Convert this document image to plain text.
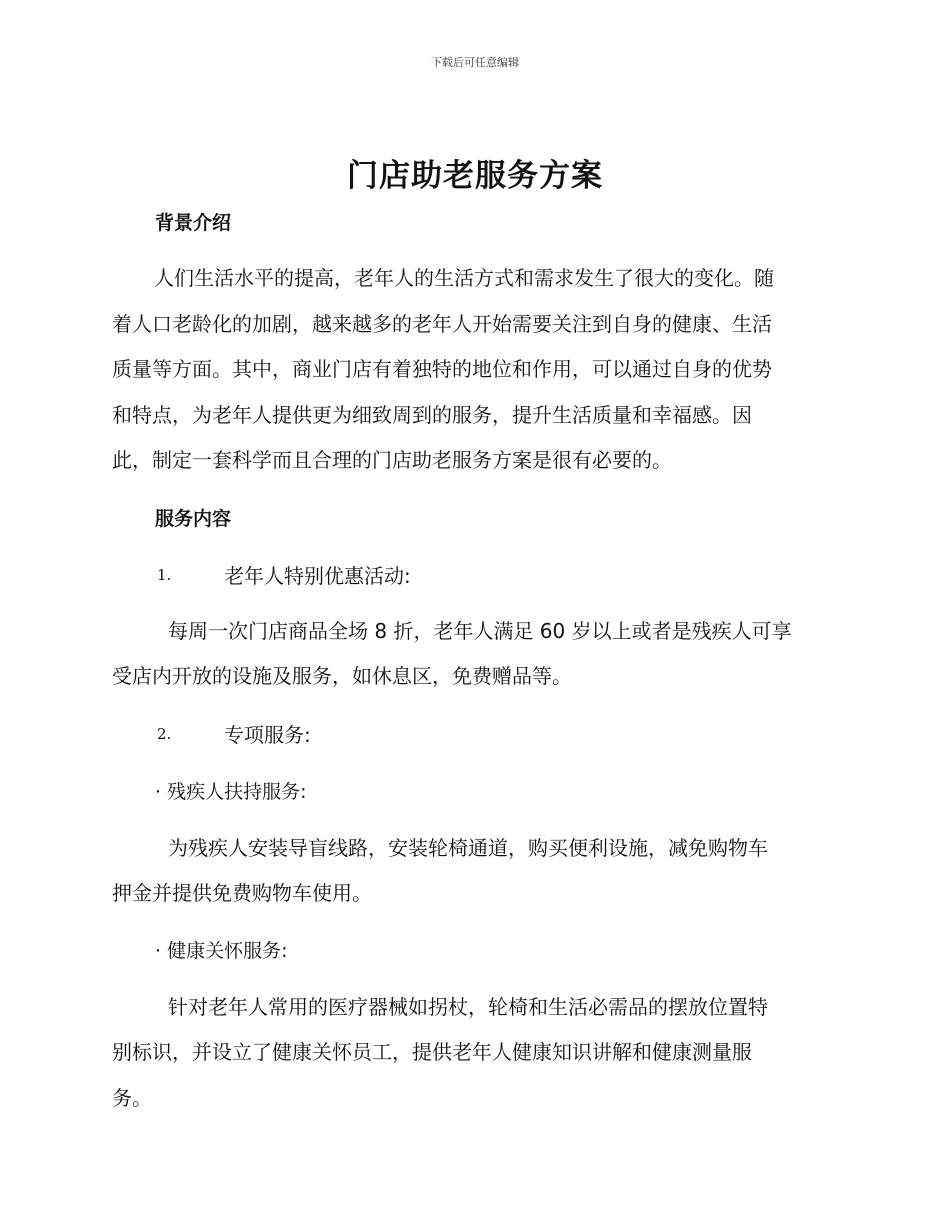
下载后可任意编辑
门店助老服务方案
背景介绍
人们生活水平的提高，老年人的生活方式和需求发生了很大的变化。随
着人口老龄化的加剧，越来越多的老年人开始需要关注到自身的健康、生活
质量等方面。其中，商业门店有着独特的地位和作用，可以通过自身的优势
和特点，为老年人提供更为细致周到的服务，提升生活质量和幸福感。因
此，制定一套科学而且合理的门店助老服务方案是很有必要的。
服务内容
1.	老年人特别优惠活动:
每周一次门店商品全场 8 折，老年人满足 60 岁以上或者是残疾人可享
受店内开放的设施及服务，如休息区，免费赠品等。
2.	专项服务:
· 残疾人扶持服务:
为残疾人安装导盲线路，安装轮椅通道，购买便利设施，减免购物车
押金并提供免费购物车使用。
· 健康关怀服务:
针对老年人常用的医疗器械如拐杖，轮椅和生活必需品的摆放位置特
别标识，并设立了健康关怀员工，提供老年人健康知识讲解和健康测量服
务。
